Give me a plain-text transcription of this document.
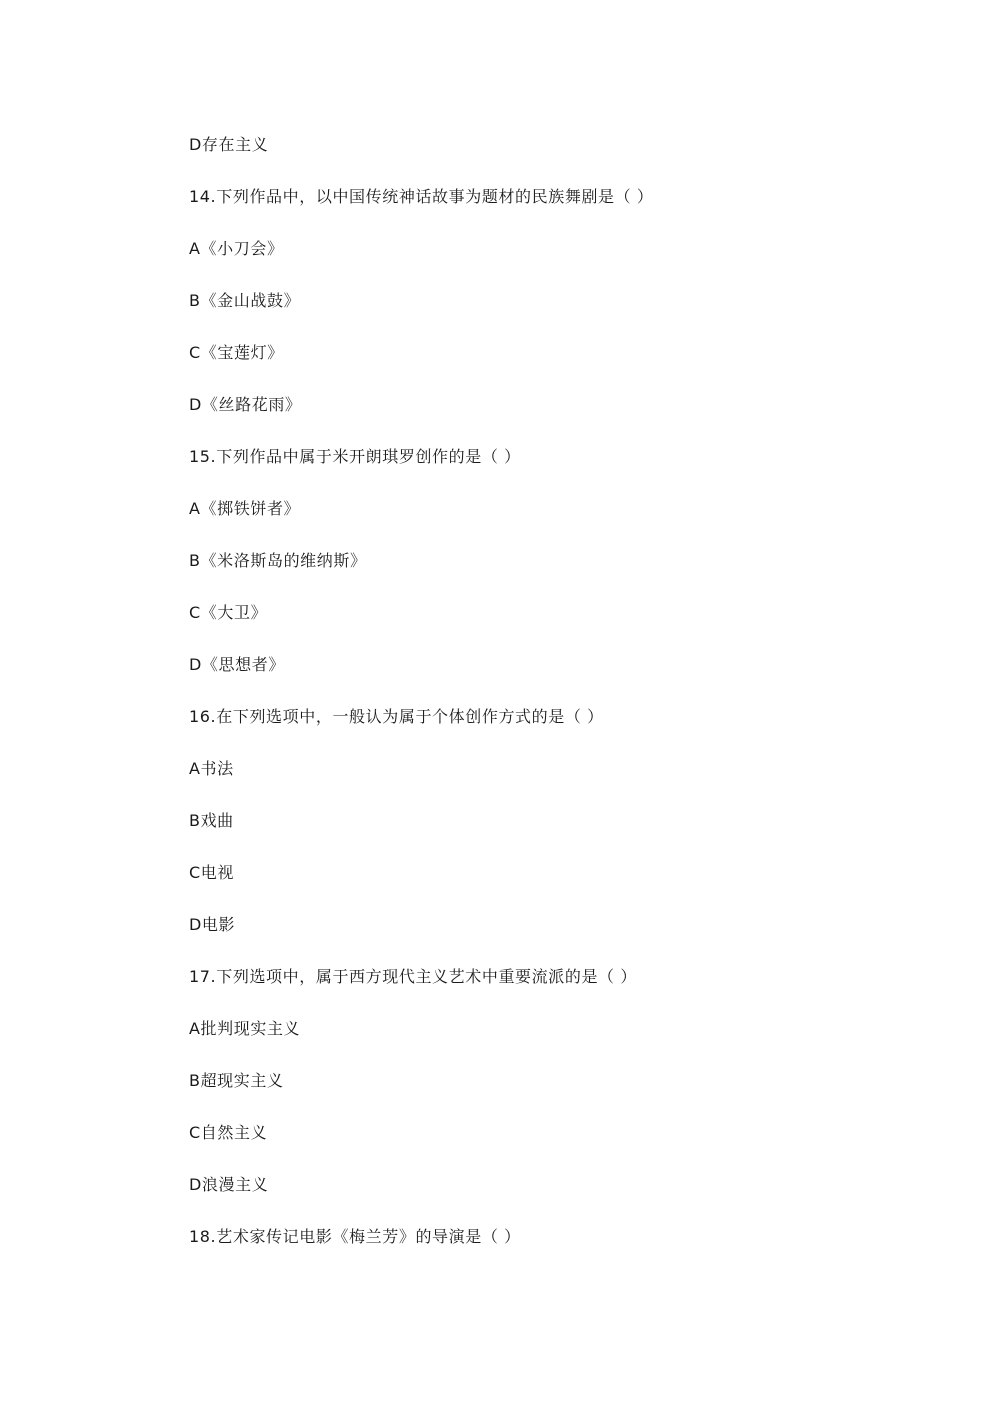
D存在主义
14.下列作品中，以中国传统神话故事为题材的民族舞剧是（ ）
A《小刀会》
B《金山战鼓》
C《宝莲灯》
D《丝路花雨》
15.下列作品中属于米开朗琪罗创作的是（ ）
A《掷铁饼者》
B《米洛斯岛的维纳斯》
C《大卫》
D《思想者》
16.在下列选项中，一般认为属于个体创作方式的是（ ）
A书法
B戏曲
C电视
D电影
17.下列选项中，属于西方现代主义艺术中重要流派的是（ ）
A批判现实主义
B超现实主义
C自然主义
D浪漫主义
18.艺术家传记电影《梅兰芳》的导演是（ ）
